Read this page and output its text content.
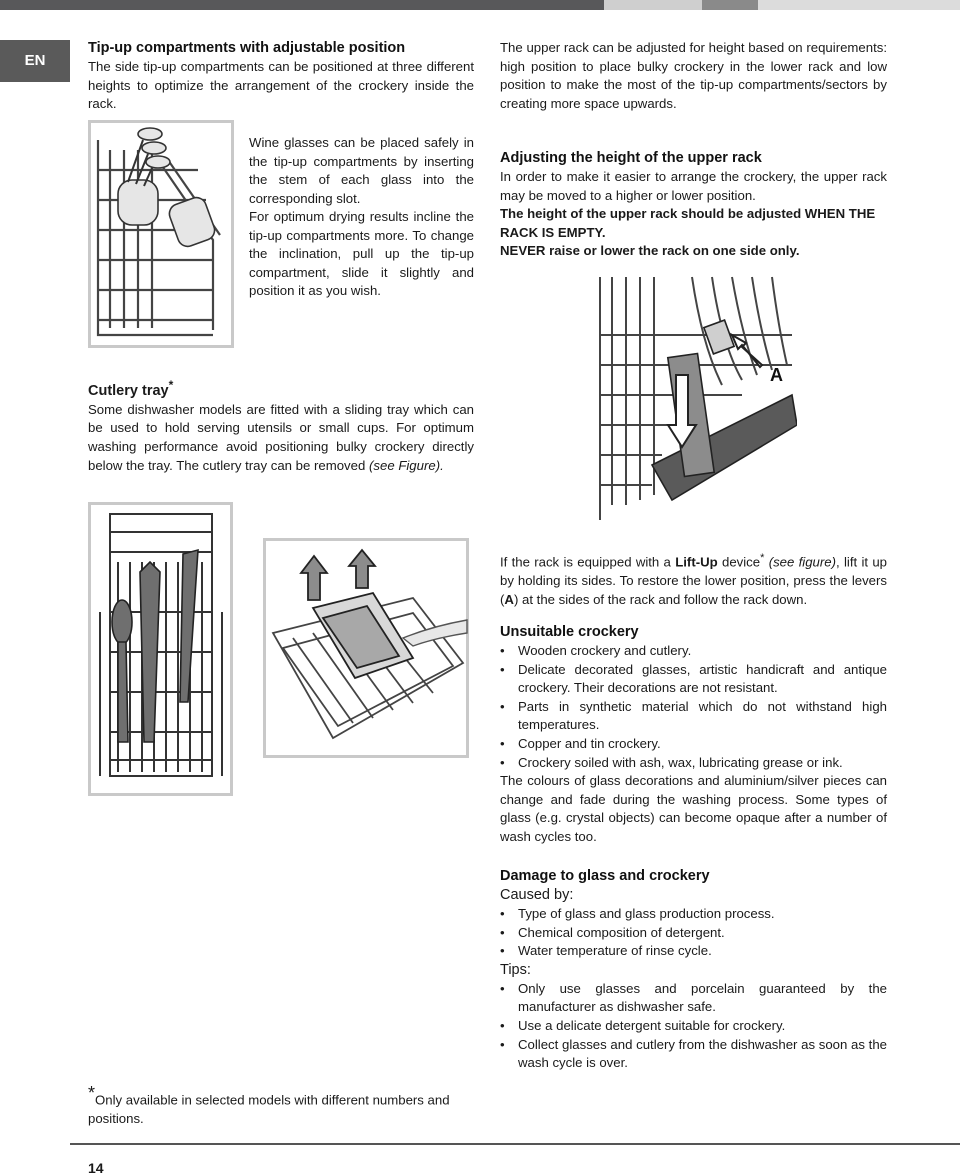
EN
Tip-up compartments with adjustable position
The side tip-up compartments can be positioned at three different heights to optimize the arrangement of the crockery inside the rack.
Wine glasses can be placed safely in the tip-up compartments by inserting the stem of each glass into the corresponding slot.
For optimum drying results incline the tip-up compartments more. To change the inclination, pull up the tip-up compartment, slide it slightly and position it as you wish.
The upper rack can be adjusted for height based on requirements: high position to place bulky crockery in the lower rack and low position to make the most of the tip-up compartments/sectors by creating more space upwards.
Adjusting the height of the upper rack
In order to make it easier to arrange the crockery, the upper rack may be moved to a higher or lower position.
The height of the upper rack should be adjusted WHEN THE RACK IS EMPTY.
NEVER raise or lower the rack on one side only.
A
Cutlery tray*
Some dishwasher models are fitted with a sliding tray which can be used to hold serving utensils or small cups. For optimum washing performance avoid positioning bulky crockery directly below the tray. The cutlery tray can be removed (see Figure).
If the rack is equipped with a Lift-Up device* (see figure), lift it up by holding its sides. To restore the lower position, press the levers (A) at the sides of the rack and follow the rack down.
Unsuitable crockery
• Wooden crockery and cutlery.
• Delicate decorated glasses, artistic handicraft and antique crockery. Their decorations are not resistant.
• Parts in synthetic material which do not withstand high temperatures.
• Copper and tin crockery.
• Crockery soiled with ash, wax, lubricating grease or ink.
The colours of glass decorations and aluminium/silver pieces can change and fade during the washing process. Some types of glass (e.g. crystal objects) can become opaque after a number of wash cycles too.
Damage to glass and crockery
Caused by:
• Type of glass and glass production process.
• Chemical composition of detergent.
• Water temperature of rinse cycle.
Tips:
• Only use glasses and porcelain guaranteed by the manufacturer as dishwasher safe.
• Use a delicate detergent suitable for crockery.
• Collect glasses and cutlery from the dishwasher as soon as the wash cycle is over.
*Only available in selected models with different numbers and positions.
14
